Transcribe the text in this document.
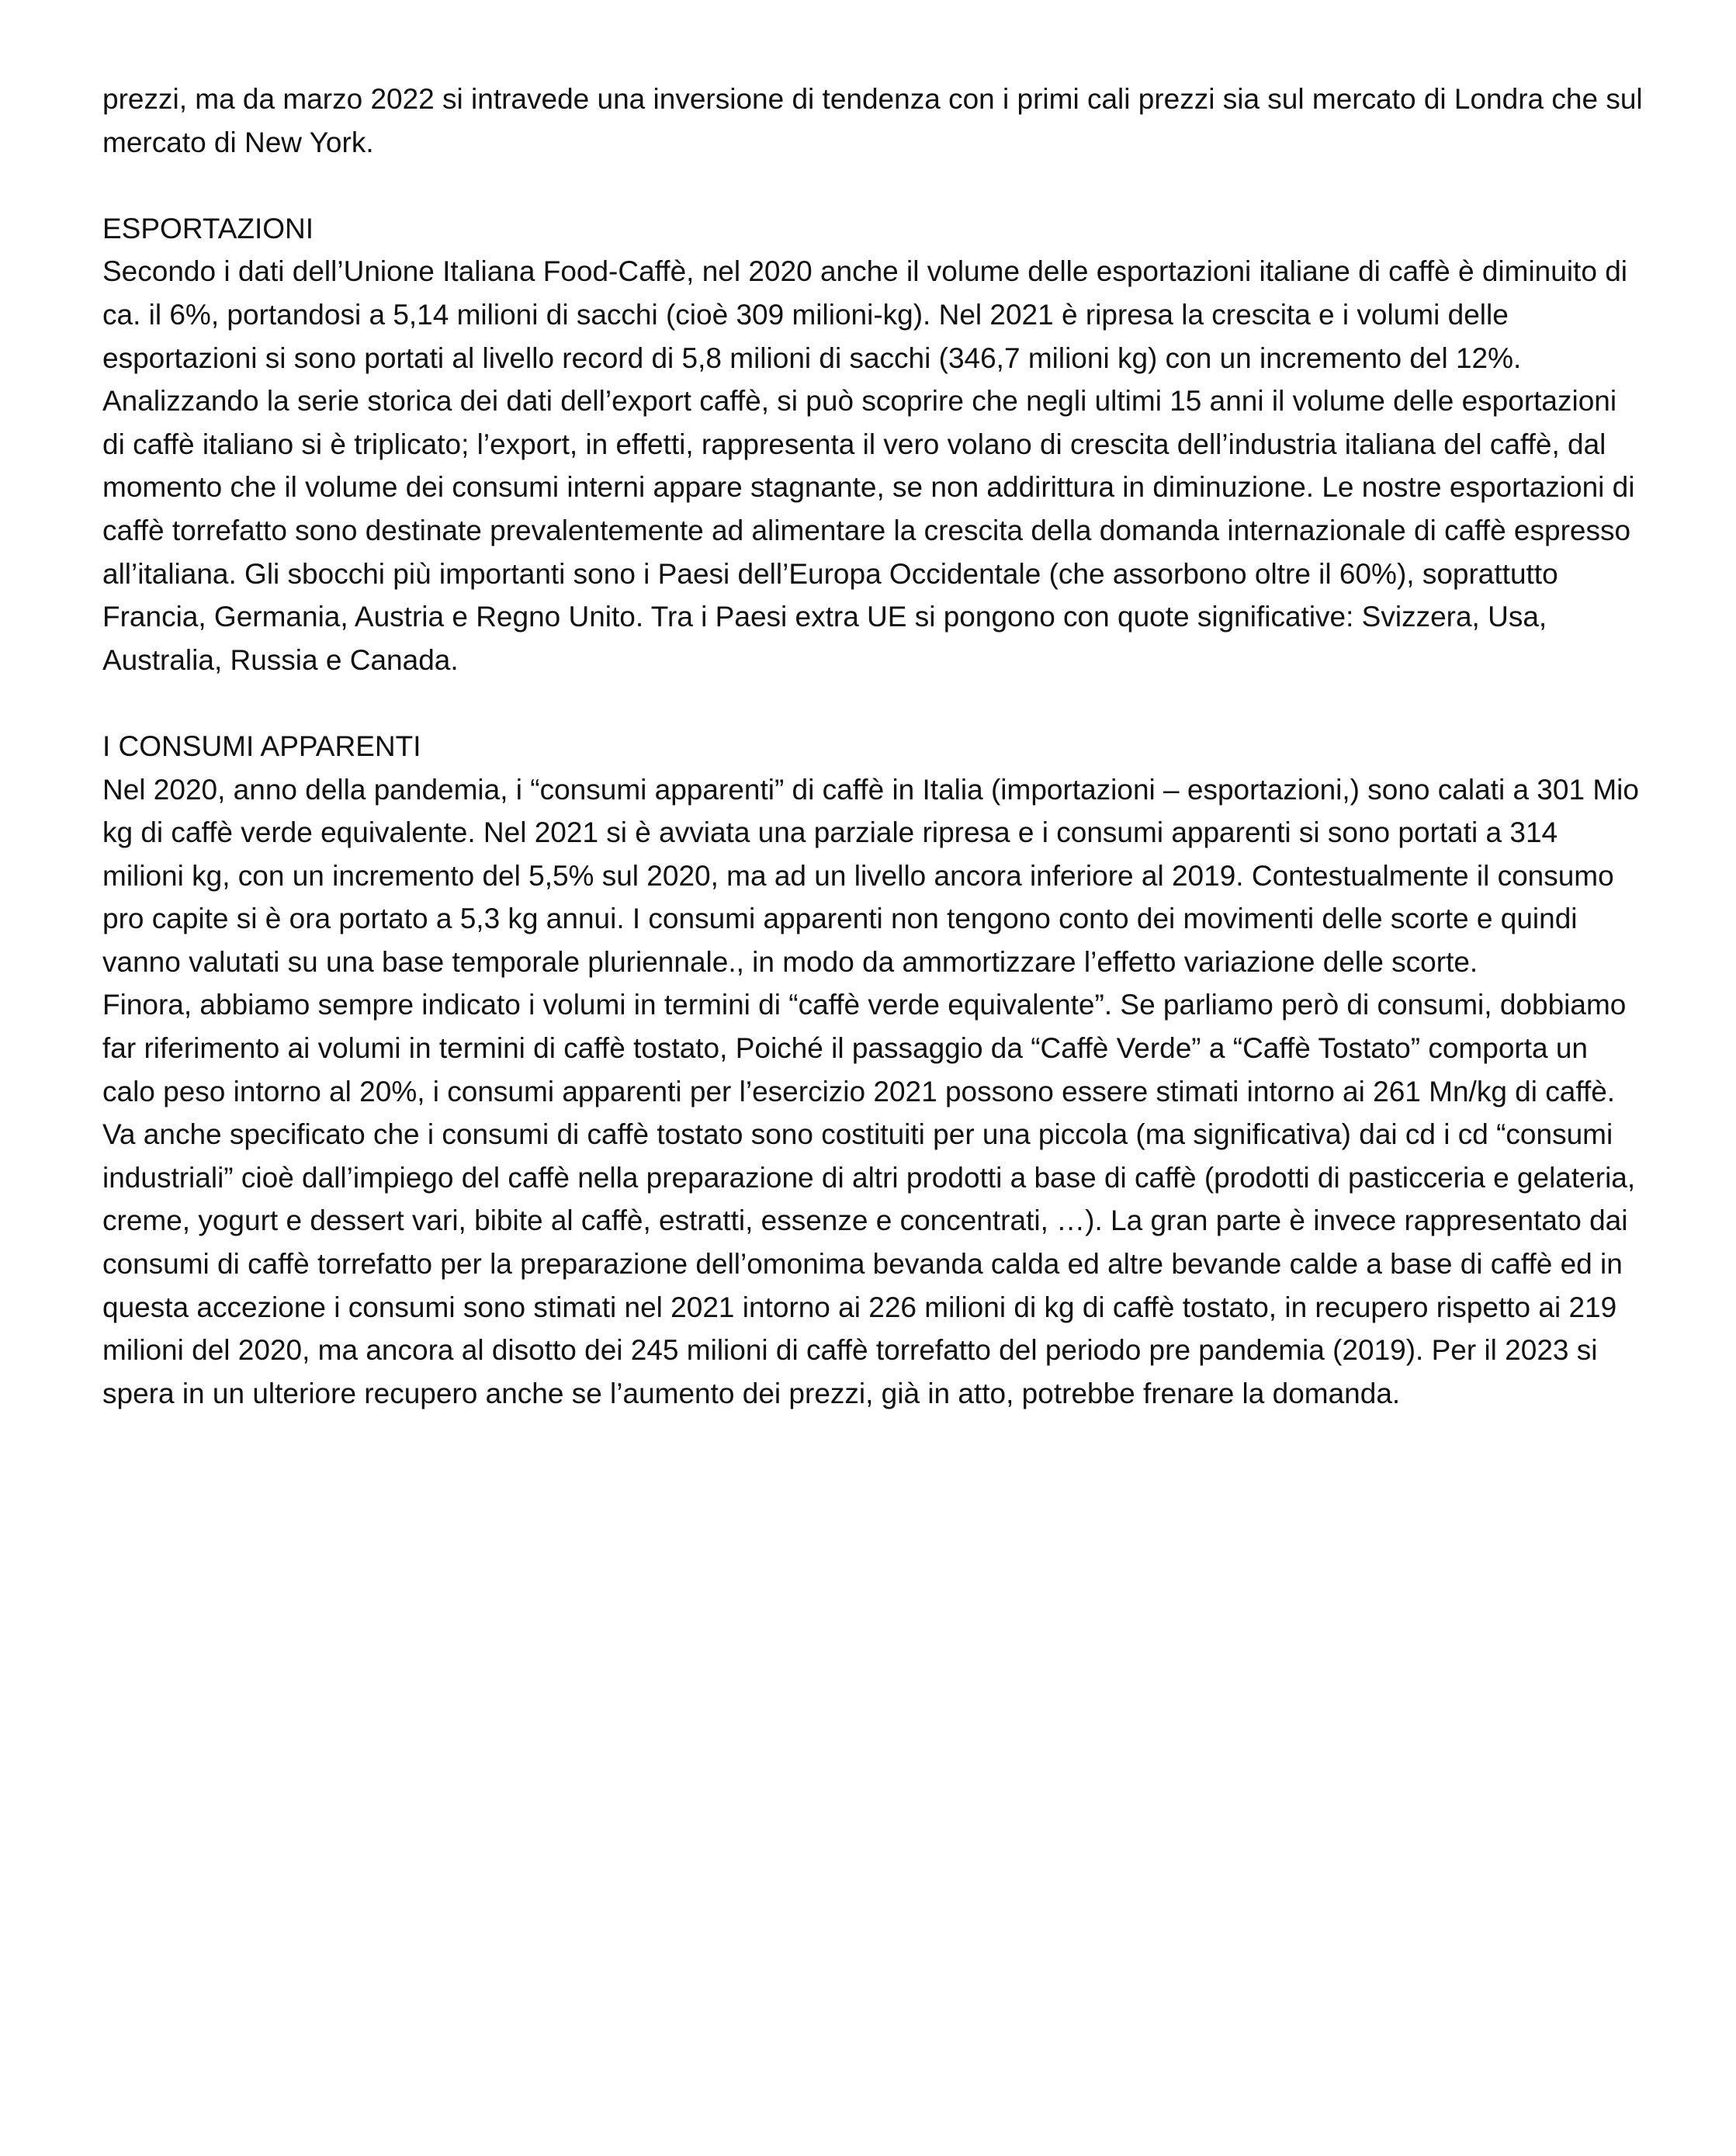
prezzi, ma da marzo 2022 si intravede una inversione di tendenza con i primi cali prezzi sia sul mercato di Londra che sul mercato di New York.

ESPORTAZIONI

Secondo i dati dell’Unione Italiana Food-Caffè, nel 2020 anche il volume delle esportazioni italiane di caffè è diminuito di ca. il 6%, portandosi a 5,14 milioni di sacchi (cioè 309 milioni-kg). Nel 2021 è ripresa la crescita e i volumi delle esportazioni si sono portati al livello record di 5,8 milioni di sacchi (346,7 milioni kg) con un incremento del 12%. Analizzando la serie storica dei dati dell’export caffè, si può scoprire che negli ultimi 15 anni il volume delle esportazioni di caffè italiano si è triplicato; l’export, in effetti, rappresenta il vero volano di crescita dell’industria italiana del caffè, dal momento che il volume dei consumi interni appare stagnante, se non addirittura in diminuzione. Le nostre esportazioni di caffè torrefatto sono destinate prevalentemente ad alimentare la crescita della domanda internazionale di caffè espresso all’italiana. Gli sbocchi più importanti sono i Paesi dell’Europa Occidentale (che assorbono oltre il 60%), soprattutto Francia, Germania, Austria e Regno Unito. Tra i Paesi extra UE si pongono con quote significative: Svizzera, Usa, Australia, Russia e Canada.

I CONSUMI APPARENTI

Nel 2020, anno della pandemia, i “consumi apparenti” di caffè in Italia (importazioni – esportazioni,) sono calati a 301 Mio kg di caffè verde equivalente. Nel 2021 si è avviata una parziale ripresa e i consumi apparenti si sono portati a 314 milioni kg, con un incremento del 5,5% sul 2020, ma ad un livello ancora inferiore al 2019. Contestualmente il consumo pro capite si è ora portato a 5,3 kg annui. I consumi apparenti non tengono conto dei movimenti delle scorte e quindi vanno valutati su una base temporale pluriennale., in modo da ammortizzare l’effetto variazione delle scorte.

Finora, abbiamo sempre indicato i volumi in termini di “caffè verde equivalente”. Se parliamo però di consumi, dobbiamo far riferimento ai volumi in termini di caffè tostato, Poiché il passaggio da “Caffè Verde” a “Caffè Tostato” comporta un calo peso intorno al 20%, i consumi apparenti per l’esercizio 2021 possono essere stimati intorno ai 261 Mn/kg di caffè. Va anche specificato che i consumi di caffè tostato sono costituiti per una piccola (ma significativa) dai cd i cd “consumi industriali” cioè dall’impiego del caffè nella preparazione di altri prodotti a base di caffè (prodotti di pasticceria e gelateria, creme, yogurt e dessert vari, bibite al caffè, estratti, essenze e concentrati, …). La gran parte è invece rappresentato dai consumi di caffè torrefatto per la preparazione dell’omonima bevanda calda ed altre bevande calde a base di caffè ed in questa accezione i consumi sono stimati nel 2021 intorno ai 226 milioni di kg di caffè tostato, in recupero rispetto ai 219 milioni del 2020, ma ancora al disotto dei 245 milioni di caffè torrefatto del periodo pre pandemia (2019). Per il 2023 si spera in un ulteriore recupero anche se l’aumento dei prezzi, già in atto, potrebbe frenare la domanda.
